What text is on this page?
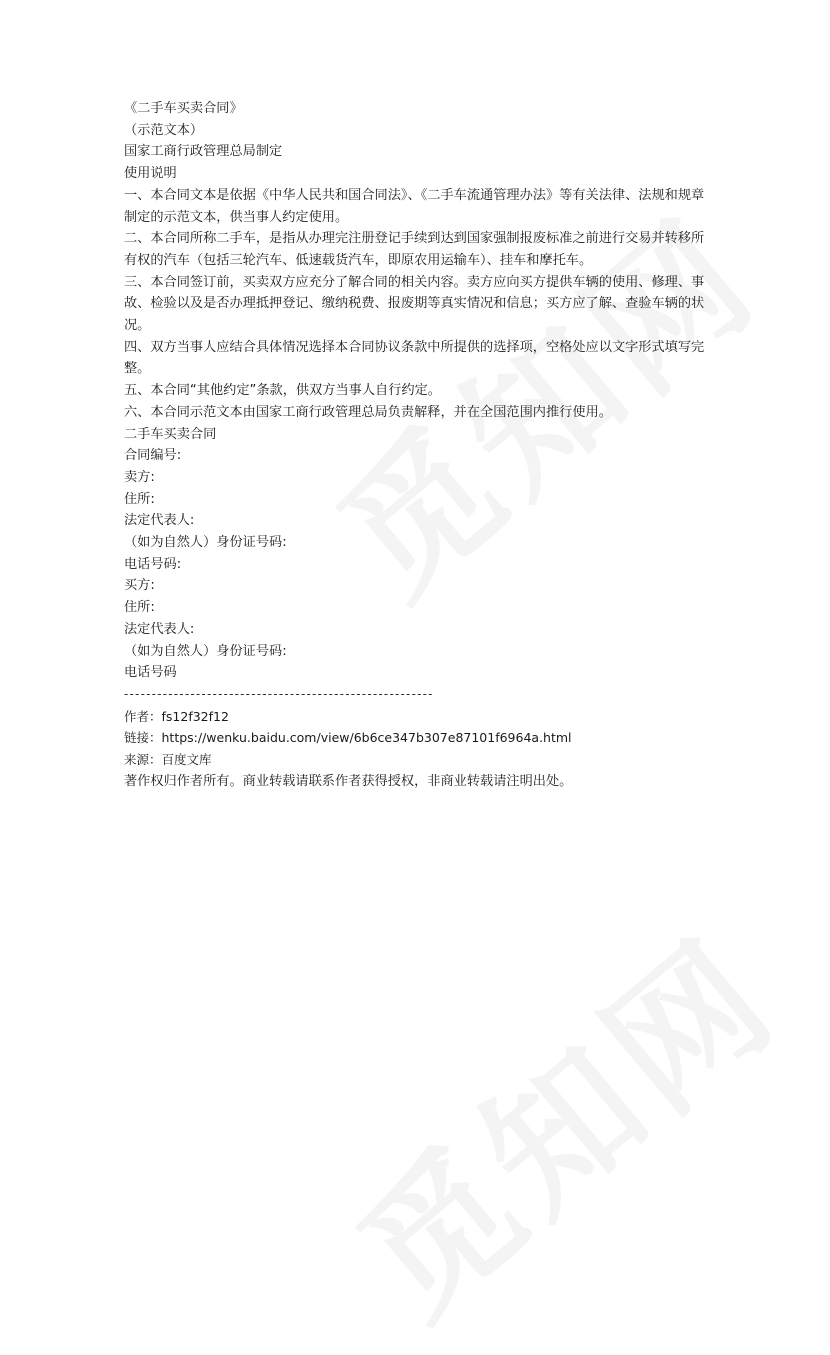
《二手车买卖合同》

（示范文本）

国家工商行政管理总局制定

使用说明

一、本合同文本是依据《中华人民共和国合同法》、《二手车流通管理办法》等有关法律、法规和规章制定的示范文本，供当事人约定使用。

二、本合同所称二手车，是指从办理完注册登记手续到达到国家强制报废标准之前进行交易并转移所有权的汽车（包括三轮汽车、低速载货汽车，即原农用运输车）、挂车和摩托车。

三、本合同签订前，买卖双方应充分了解合同的相关内容。卖方应向买方提供车辆的使用、修理、事故、检验以及是否办理抵押登记、缴纳税费、报废期等真实情况和信息；买方应了解、查验车辆的状况。

四、双方当事人应结合具体情况选择本合同协议条款中所提供的选择项，空格处应以文字形式填写完整。

五、本合同“其他约定”条款，供双方当事人自行约定。

六、本合同示范文本由国家工商行政管理总局负责解释，并在全国范围内推行使用。

二手车买卖合同

合同编号:

卖方:

住所:

法定代表人:

（如为自然人）身份证号码:

电话号码:

买方:

住所:

法定代表人:

（如为自然人）身份证号码:

电话号码

--------------------------------------------------------

作者：fs12f32f12

链接：https://wenku.baidu.com/view/6b6ce347b307e87101f6964a.html

来源：百度文库

著作权归作者所有。商业转载请联系作者获得授权，非商业转载请注明出处。
